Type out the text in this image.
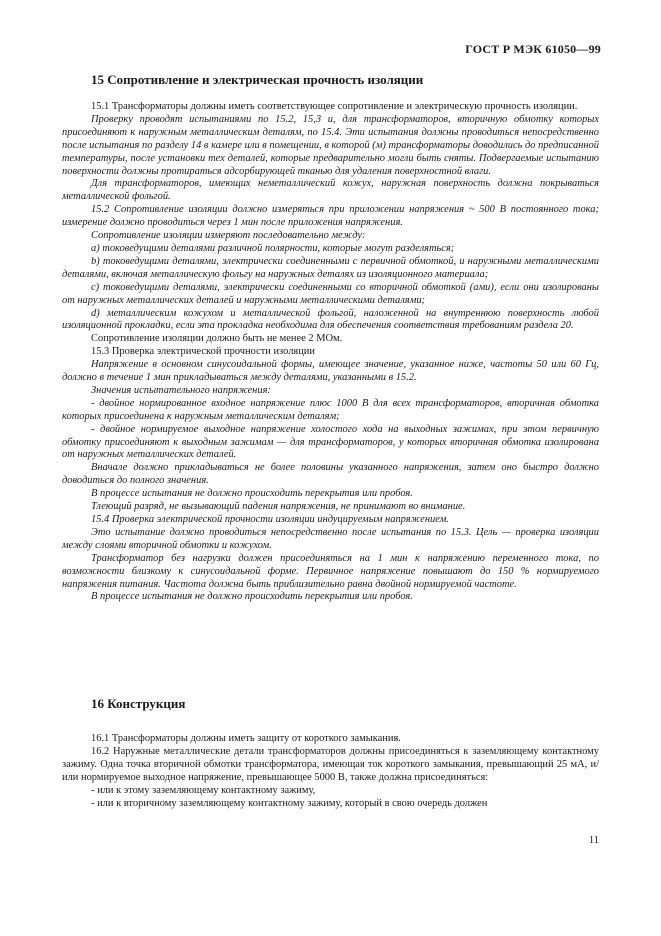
ГОСТ Р МЭК 61050—99
15 Сопротивление и электрическая прочность изоляции

15.1 Трансформаторы должны иметь соответствующее сопротивление и электрическую прочность изоляции.

Проверку проводят испытаниями по 15.2, 15,3 и, для трансформаторов, вторичную обмотку которых присоединяют к наружным металлическим деталям, по 15.4. Эти испытания должны проводиться непосредственно после испытания по разделу 14 в камере или в помещении, в которой (м) трансформаторы доводились до предписанной температуры, после установки тех деталей, которые предварительно могли быть сняты. Подвергаемые испытанию поверхности должны протираться адсорбирующей тканью для удаления поверхностной влаги.

Для трансформаторов, имеющих неметаллический кожух, наружная поверхность должна покрываться металлической фольгой.

15.2 Сопротивление изоляции должно измеряться при приложении напряжения ~ 500 В постоянного тока; измерение должно проводиться через 1 мин после приложения напряжения.

Сопротивление изоляции измеряют последовательно между:

а) токоведущими деталями различной полярности, которые могут разделяться;

b) токоведущими деталями, электрически соединенными с первичной обмоткой, и наружными металлическими деталями, включая металлическую фольгу на наружных деталях из изоляционного материала;

с) токоведущими деталями, электрически соединенными со вторичной обмоткой (ами), если они изолированы от наружных металлических деталей и наружными металлическими деталями;

d) металлическим кожухом и металлической фольгой, наложенной на внутреннюю поверхность любой изоляционной прокладки, если эта прокладка необходима для обеспечения соответствия требованиям раздела 20.

Сопротивление изоляции должно быть не менее 2 МОм.

15.3 Проверка электрической прочности изоляции

Напряжение в основном синусоидальной формы, имеющее значение, указанное ниже, частоты 50 или 60 Гц, должно в течение 1 мин прикладываться между деталями, указанными в 15.2.

Значения испытательного напряжения:

- двойное нормированное входное напряжение плюс 1000 В для всех трансформаторов, вторичная обмотка которых присоединена к наружным металлическим деталям;

- двойное нормируемое выходное напряжение холостого хода на выходных зажимах, при этом первичную обмотку присоединяют к выходным зажимам — для трансформаторов, у которых вторичная обмотка изолирована от наружных металлических деталей.

Вначале должно прикладываться не более половины указанного напряжения, затем оно быстро должно доводиться до полного значения.

В процессе испытания не должно происходить перекрытия или пробоя.

Тлеющий разряд, не вызывающий падения напряжения, не принимают во внимание.

15.4 Проверка электрической прочности изоляции индуцируемым напряжением.

Это испытание должно проводиться непосредственно после испытания по 15.3. Цель — проверка изоляции между слоями вторичной обмотки и кожухом.

Трансформатор без нагрузки должен присоединяться на 1 мин к напряжению переменного тока, по возможности близкому к синусоидальной форме. Первичное напряжение повышают до 150 % нормируемого напряжения питания. Частота должна быть приблизительно равна двойной нормируемой частоте.

В процессе испытания не должно происходить перекрытия или пробоя.

16 Конструкция

16.1 Трансформаторы должны иметь защиту от короткого замыкания.

16.2 Наружные металлические детали трансформаторов должны присоединяться к заземляющему контактному зажиму. Одна точка вторичной обмотки трансформатора, имеющая ток короткого замыкания, превышающий 25 мА, и/или нормируемое выходное напряжение, превышающее 5000 В, также должна присоединяться:

- или к этому заземляющему контактному зажиму,

- или к вторичному заземляющему контактному зажиму, который в свою очередь должен

11
